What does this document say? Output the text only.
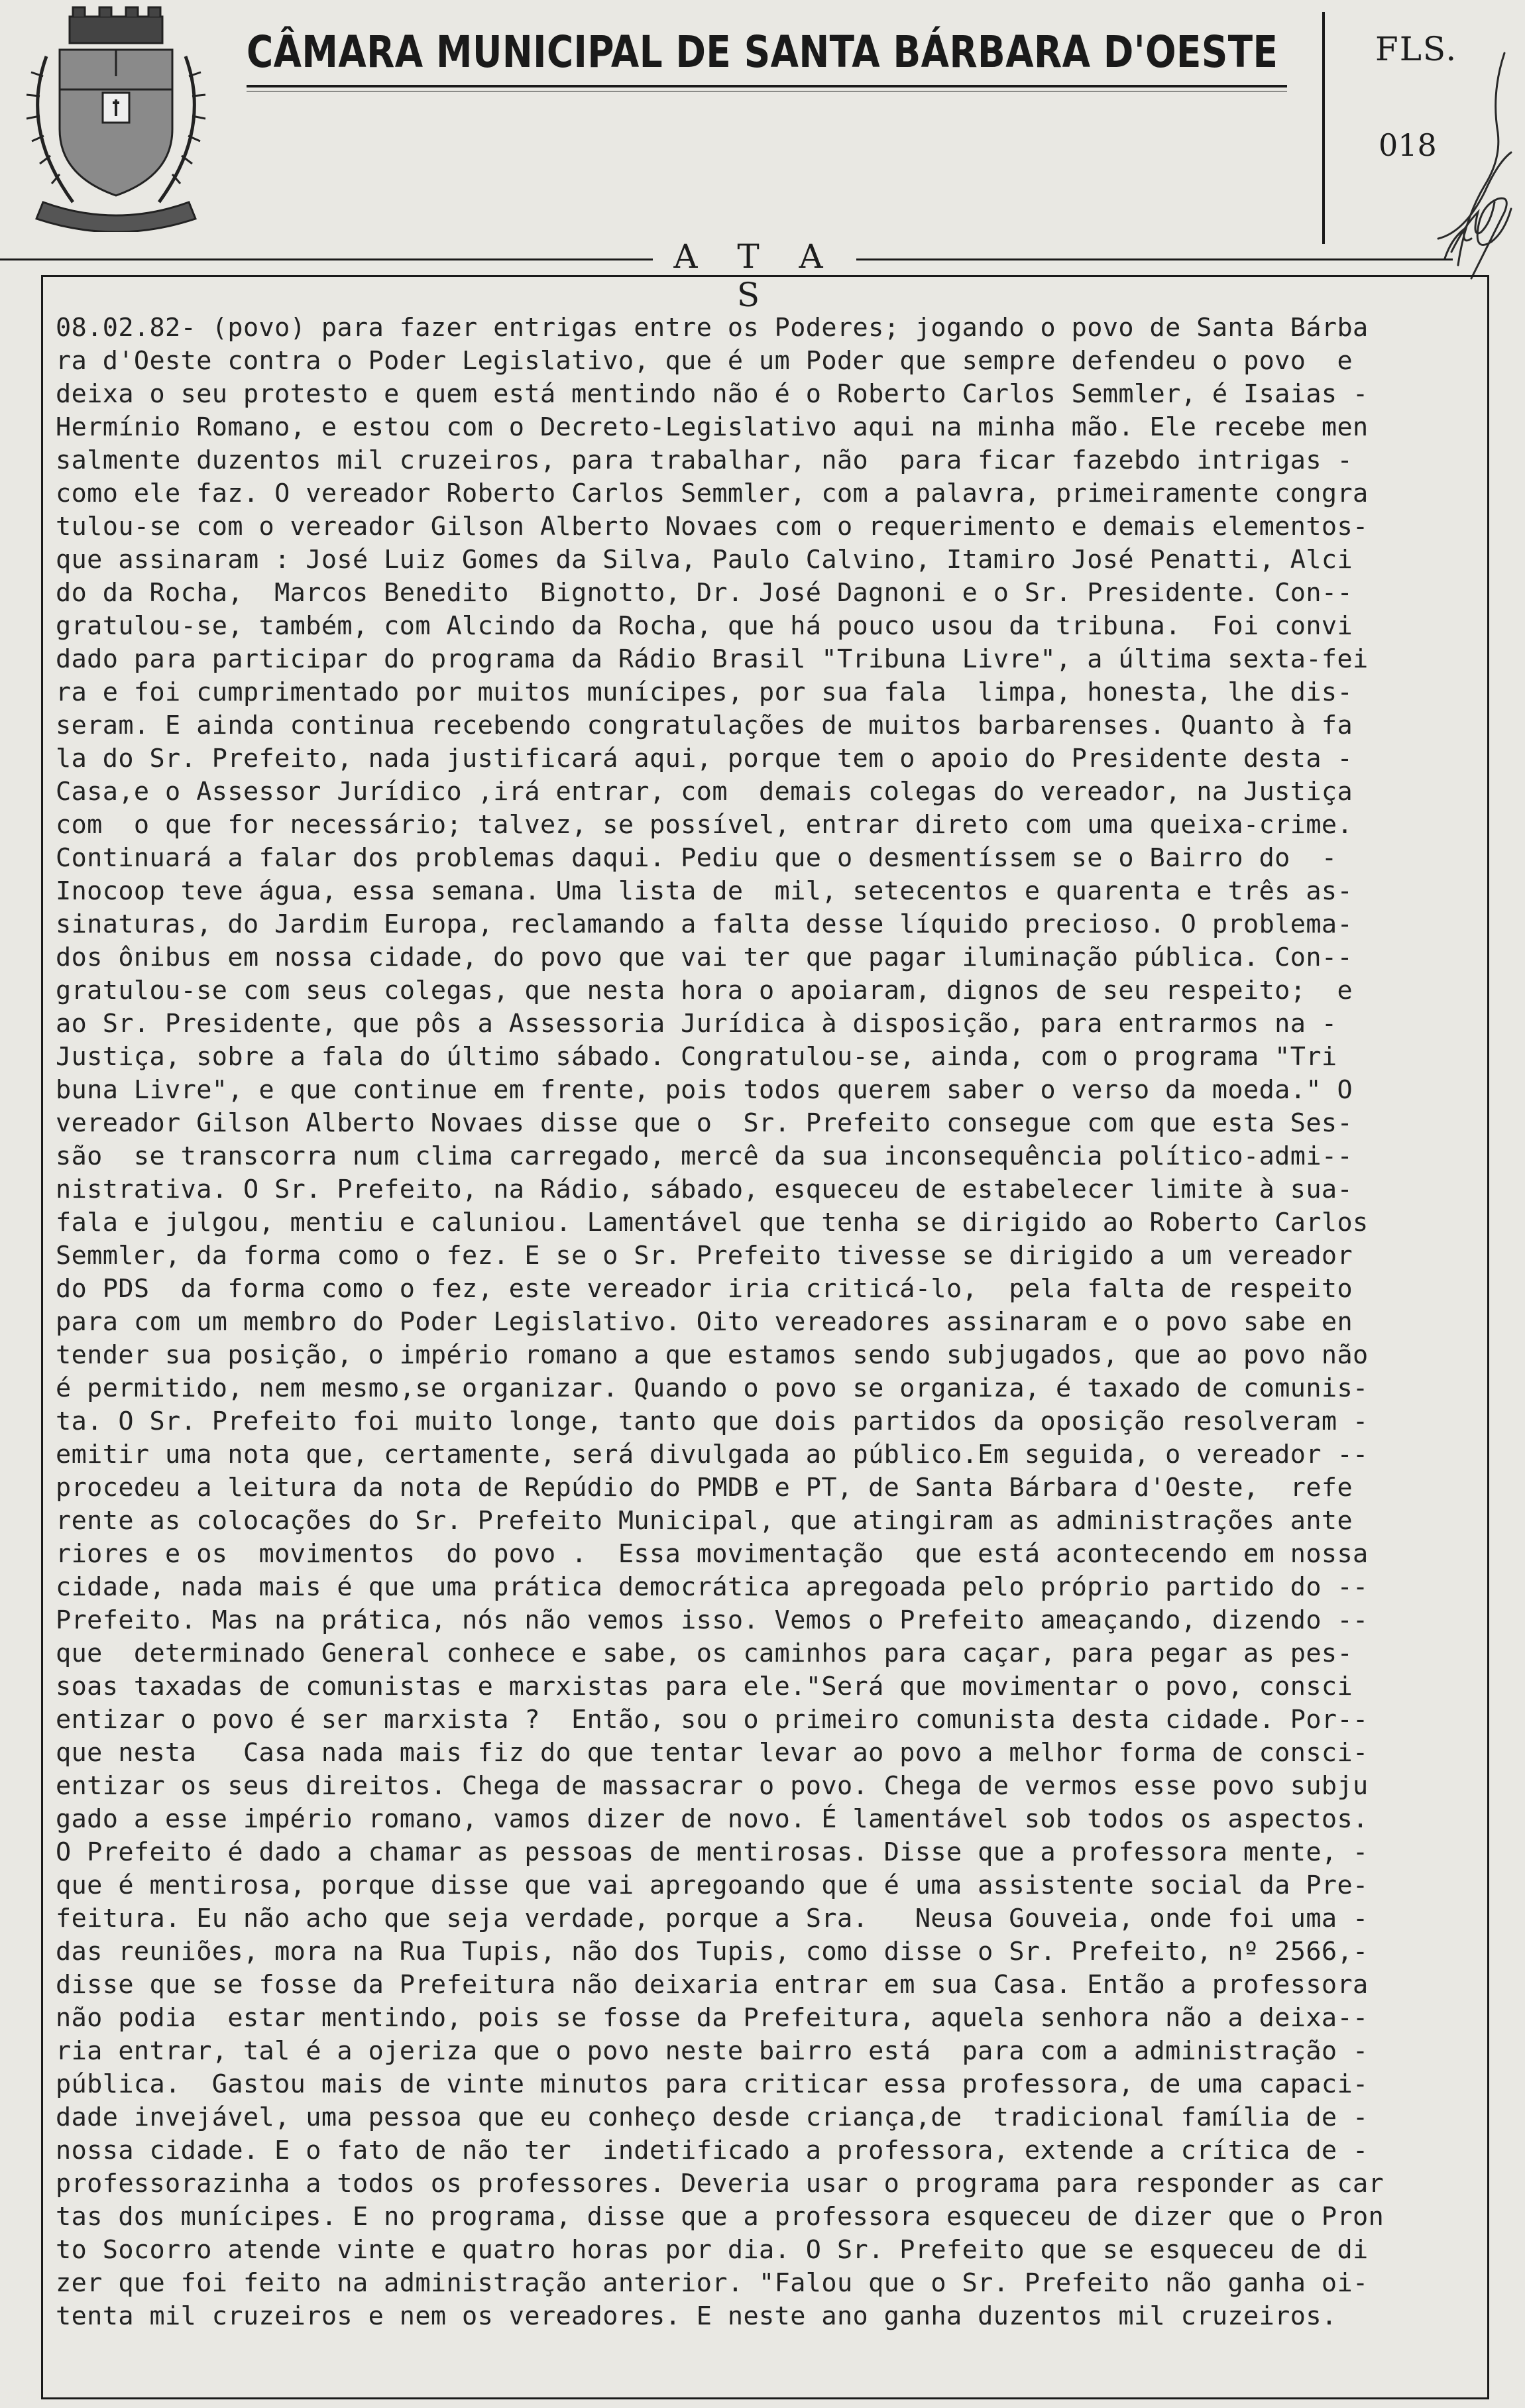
CÂMARA MUNICIPAL DE SANTA BÁRBARA D'OESTE	FLS.
018
A T A S
08.02.82- (povo) para fazer entrigas entre os Poderes; jogando o povo de Santa Bárba
ra d'Oeste contra o Poder Legislativo, que é um Poder que sempre defendeu o povo  e
deixa o seu protesto e quem está mentindo não é o Roberto Carlos Semmler, é Isaias -
Hermínio Romano, e estou com o Decreto-Legislativo aqui na minha mão. Ele recebe men
salmente duzentos mil cruzeiros, para trabalhar, não  para ficar fazebdo intrigas -
como ele faz. O vereador Roberto Carlos Semmler, com a palavra, primeiramente congra
tulou-se com o vereador Gilson Alberto Novaes com o requerimento e demais elementos-
que assinaram : José Luiz Gomes da Silva, Paulo Calvino, Itamiro José Penatti, Alci
do da Rocha,  Marcos Benedito  Bignotto, Dr. José Dagnoni e o Sr. Presidente. Con--
gratulou-se, também, com Alcindo da Rocha, que há pouco usou da tribuna.  Foi convi
dado para participar do programa da Rádio Brasil "Tribuna Livre", a última sexta-fei
ra e foi cumprimentado por muitos munícipes, por sua fala  limpa, honesta, lhe dis-
seram. E ainda continua recebendo congratulações de muitos barbarenses. Quanto à fa
la do Sr. Prefeito, nada justificará aqui, porque tem o apoio do Presidente desta -
Casa,e o Assessor Jurídico ,irá entrar, com  demais colegas do vereador, na Justiça
com  o que for necessário; talvez, se possível, entrar direto com uma queixa-crime.
Continuará a falar dos problemas daqui. Pediu que o desmentíssem se o Bairro do  -
Inocoop teve água, essa semana. Uma lista de  mil, setecentos e quarenta e três as-
sinaturas, do Jardim Europa, reclamando a falta desse líquido precioso. O problema-
dos ônibus em nossa cidade, do povo que vai ter que pagar iluminação pública. Con--
gratulou-se com seus colegas, que nesta hora o apoiaram, dignos de seu respeito;  e
ao Sr. Presidente, que pôs a Assessoria Jurídica à disposição, para entrarmos na -
Justiça, sobre a fala do último sábado. Congratulou-se, ainda, com o programa "Tri
buna Livre", e que continue em frente, pois todos querem saber o verso da moeda." O
vereador Gilson Alberto Novaes disse que o  Sr. Prefeito consegue com que esta Ses-
são  se transcorra num clima carregado, mercê da sua inconsequência político-admi--
nistrativa. O Sr. Prefeito, na Rádio, sábado, esqueceu de estabelecer limite à sua-
fala e julgou, mentiu e caluniou. Lamentável que tenha se dirigido ao Roberto Carlos
Semmler, da forma como o fez. E se o Sr. Prefeito tivesse se dirigido a um vereador
do PDS  da forma como o fez, este vereador iria criticá-lo,  pela falta de respeito
para com um membro do Poder Legislativo. Oito vereadores assinaram e o povo sabe en
tender sua posição, o império romano a que estamos sendo subjugados, que ao povo não
é permitido, nem mesmo,se organizar. Quando o povo se organiza, é taxado de comunis-
ta. O Sr. Prefeito foi muito longe, tanto que dois partidos da oposição resolveram -
emitir uma nota que, certamente, será divulgada ao público.Em seguida, o vereador --
procedeu a leitura da nota de Repúdio do PMDB e PT, de Santa Bárbara d'Oeste,  refe
rente as colocações do Sr. Prefeito Municipal, que atingiram as administrações ante
riores e os  movimentos  do povo .  Essa movimentação  que está acontecendo em nossa
cidade, nada mais é que uma prática democrática apregoada pelo próprio partido do --
Prefeito. Mas na prática, nós não vemos isso. Vemos o Prefeito ameaçando, dizendo --
que  determinado General conhece e sabe, os caminhos para caçar, para pegar as pes-
soas taxadas de comunistas e marxistas para ele."Será que movimentar o povo, consci
entizar o povo é ser marxista ?  Então, sou o primeiro comunista desta cidade. Por--
que nesta   Casa nada mais fiz do que tentar levar ao povo a melhor forma de consci-
entizar os seus direitos. Chega de massacrar o povo. Chega de vermos esse povo subju
gado a esse império romano, vamos dizer de novo. É lamentável sob todos os aspectos.
O Prefeito é dado a chamar as pessoas de mentirosas. Disse que a professora mente, -
que é mentirosa, porque disse que vai apregoando que é uma assistente social da Pre-
feitura. Eu não acho que seja verdade, porque a Sra.   Neusa Gouveia, onde foi uma -
das reuniões, mora na Rua Tupis, não dos Tupis, como disse o Sr. Prefeito, nº 2566,-
disse que se fosse da Prefeitura não deixaria entrar em sua Casa. Então a professora
não podia  estar mentindo, pois se fosse da Prefeitura, aquela senhora não a deixa--
ria entrar, tal é a ojeriza que o povo neste bairro está  para com a administração -
pública.  Gastou mais de vinte minutos para criticar essa professora, de uma capaci-
dade invejável, uma pessoa que eu conheço desde criança,de  tradicional família de -
nossa cidade. E o fato de não ter  indetificado a professora, extende a crítica de -
professorazinha a todos os professores. Deveria usar o programa para responder as car
tas dos munícipes. E no programa, disse que a professora esqueceu de dizer que o Pron
to Socorro atende vinte e quatro horas por dia. O Sr. Prefeito que se esqueceu de di
zer que foi feito na administração anterior. "Falou que o Sr. Prefeito não ganha oi-
tenta mil cruzeiros e nem os vereadores. E neste ano ganha duzentos mil cruzeiros.
